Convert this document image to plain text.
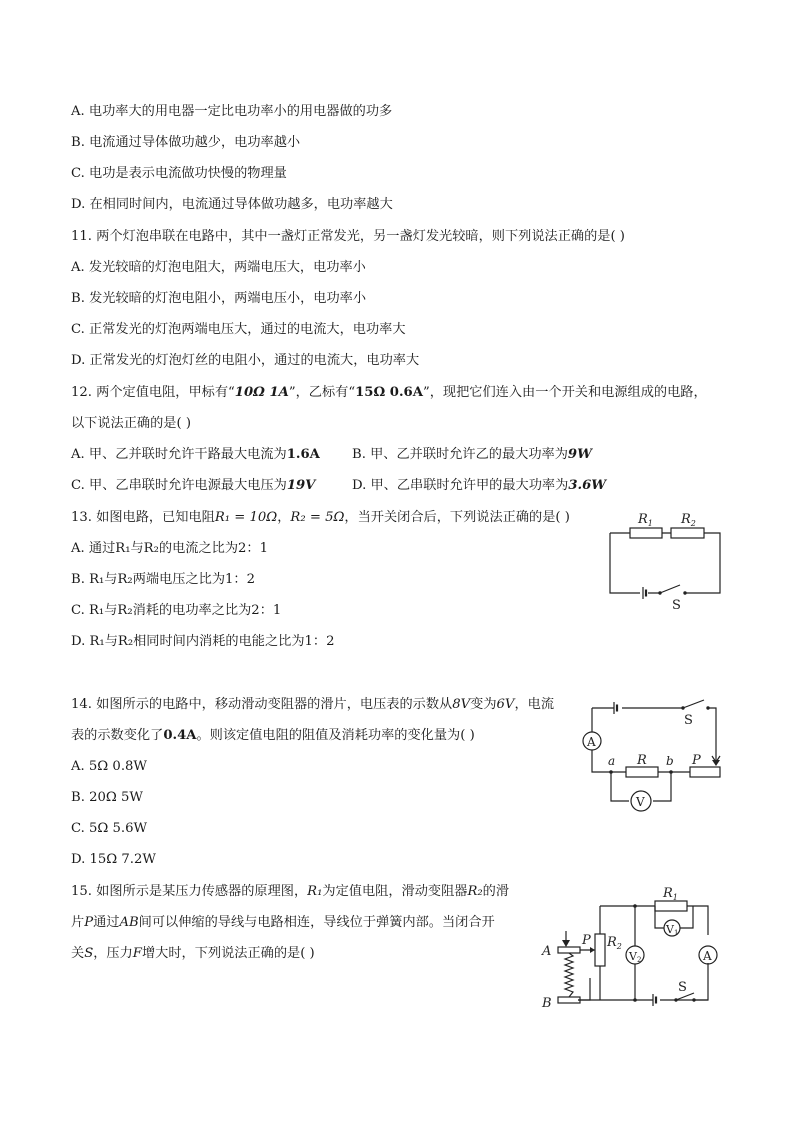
A. 电功率大的用电器一定比电功率小的用电器做的功多
B. 电流通过导体做功越少，电功率越小
C. 电功是表示电流做功快慢的物理量
D. 在相同时间内，电流通过导体做功越多，电功率越大
11. 两个灯泡串联在电路中，其中一盏灯正常发光，另一盏灯发光较暗，则下列说法正确的是( )
A. 发光较暗的灯泡电阻大，两端电压大，电功率小
B. 发光较暗的灯泡电阻小，两端电压小，电功率小
C. 正常发光的灯泡两端电压大，通过的电流大，电功率大
D. 正常发光的灯泡灯丝的电阻小，通过的电流大，电功率大
12. 两个定值电阻，甲标有“10Ω 1A”，乙标有“15Ω 0.6A”，现把它们连入由一个开关和电源组成的电路，
以下说法正确的是( )
A. 甲、乙并联时允许干路最大电流为1.6A B. 甲、乙并联时允许乙的最大功率为9W
C. 甲、乙串联时允许电源最大电压为19V	D. 甲、乙串联时允许甲的最大功率为3.6W
13. 如图电路，已知电阻R₁ = 10Ω，R₂ = 5Ω，当开关闭合后，下列说法正确的是( )
A. 通过R₁与R₂的电流之比为2：1
B. R₁与R₂两端电压之比为1：2
C. R₁与R₂消耗的电功率之比为2：1
D. R₁与R₂相同时间内消耗的电能之比为1：2
$R_1$ $R_2$
S
14. 如图所示的电路中，移动滑动变阻器的滑片，电压表的示数从8V变为6V，电流
表的示数变化了0.4A。则该定值电阻的阻值及消耗功率的变化量为( )
A. 5Ω 0.8W
B. 20Ω 5W
C. 5Ω 5.6W
D. 15Ω 7.2W
A
V
S
a	b
R	P
15. 如图所示是某压力传感器的原理图，R₁为定值电阻，滑动变阻器R₂的滑
片P通过AB间可以伸缩的导线与电路相连，导线位于弹簧内部。当闭合开
关S，压力F增大时，下列说法正确的是( )
$R_1$
$R_2$
V1
V2	A
A
B
P
S
